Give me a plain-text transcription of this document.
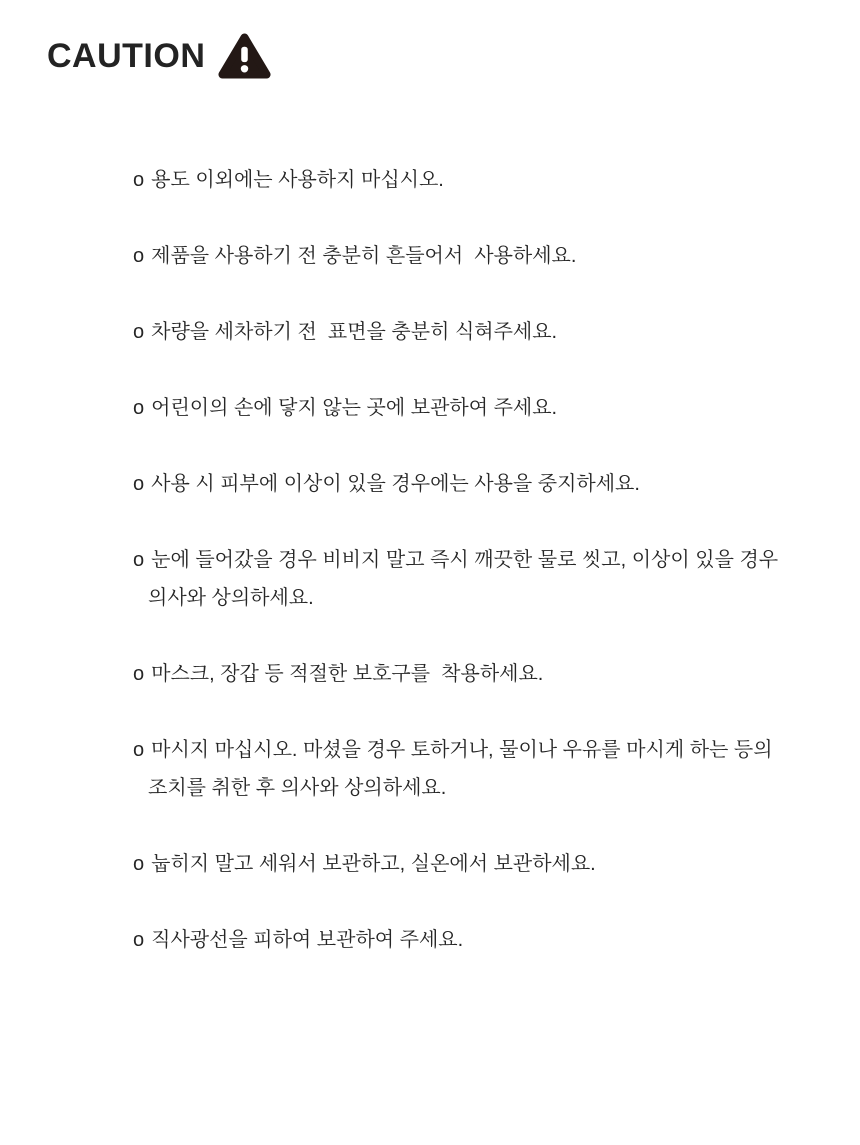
CAUTION
o 용도 이외에는 사용하지 마십시오.
o 제품을 사용하기 전 충분히 흔들어서  사용하세요.
o 차량을 세차하기 전  표면을 충분히 식혀주세요.
o 어린이의 손에 닿지 않는 곳에 보관하여 주세요.
o 사용 시 피부에 이상이 있을 경우에는 사용을 중지하세요.
o 눈에 들어갔을 경우 비비지 말고 즉시 깨끗한 물로 씻고, 이상이 있을 경우
의사와 상의하세요.
o 마스크, 장갑 등 적절한 보호구를  착용하세요.
o 마시지 마십시오. 마셨을 경우 토하거나, 물이나 우유를 마시게 하는 등의
조치를 취한 후 의사와 상의하세요.
o 눕히지 말고 세워서 보관하고, 실온에서 보관하세요.
o 직사광선을 피하여 보관하여 주세요.
